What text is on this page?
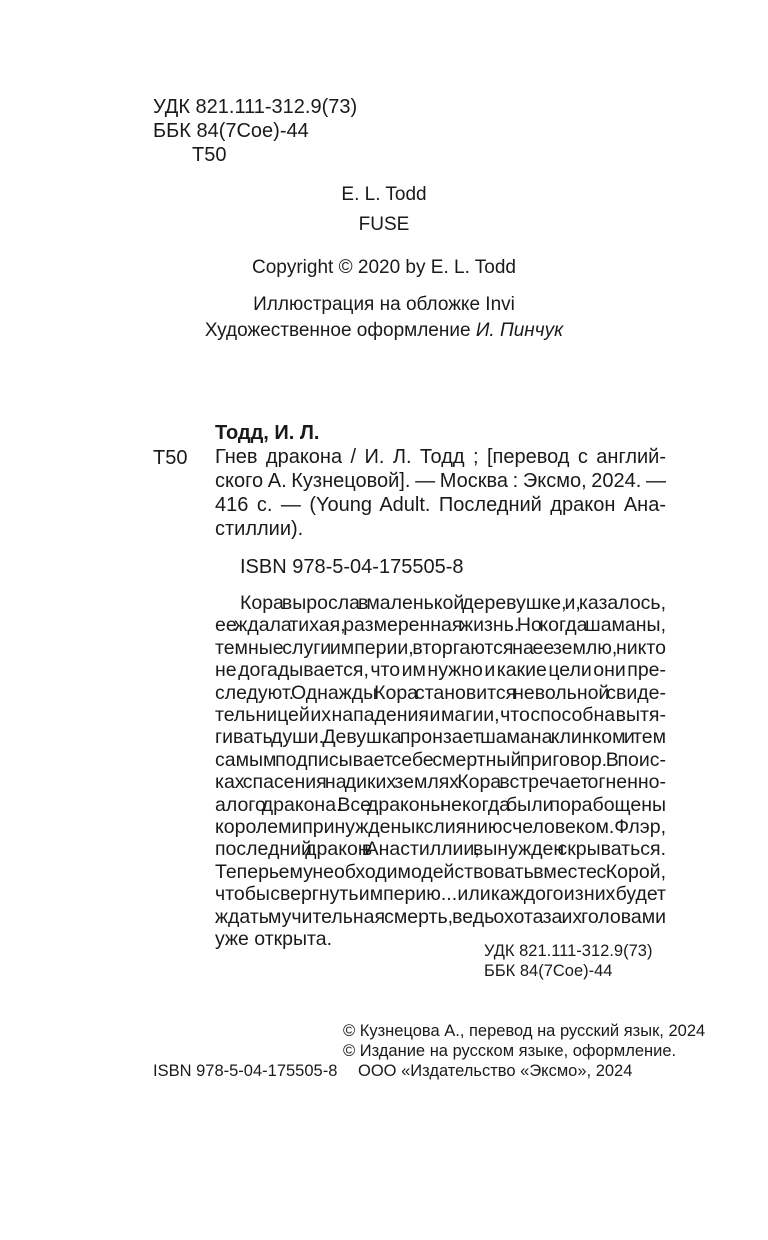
УДК 821.111-312.9(73)
ББК 84(7Сое)-44
Т50
E. L. Todd
FUSE
Copyright © 2020 by E. L. Todd
Иллюстрация на обложке Invi
Художественное оформление И. Пинчук
Тодд, И. Л.
Т50 Гнев дракона / И. Л. Тодд ; [перевод с англий-
ского А. Кузнецовой]. — Москва : Эксмо, 2024. —
416 с. — (Young Adult. Последний дракон Ана-
стиллии).
ISBN 978-5-04-175505-8
Кора выросла в маленькой деревушке, и, казалось,
ее ждала тихая, размеренная жизнь. Но когда шаманы,
темные слуги империи, вторгаются на ее землю, никто
не догадывается, что им нужно и какие цели они пре-
следуют. Однажды Кора становится невольной свиде-
тельницей их нападения и магии, что способна вытя-
гивать души. Девушка пронзает шамана клинком и тем
самым подписывает себе смертный приговор. В поис-
ках спасения на диких землях Кора встречает огненно-
алого дракона. Все драконы некогда были порабощены
королем и принуждены к слиянию с человеком. Флэр,
последний дракон в Анастиллии, вынужден скрываться.
Теперь ему необходимо действовать вместе с Корой,
чтобы свергнуть империю... или каждого из них будет
ждать мучительная смерть, ведь охота за их головами
уже открыта.
УДК 821.111-312.9(73)
ББК 84(7Сое)-44
© Кузнецова А., перевод на русский язык, 2024
© Издание на русском языке, оформление.
ISBN 978-5-04-175505-8 ООО «Издательство «Эксмо», 2024
